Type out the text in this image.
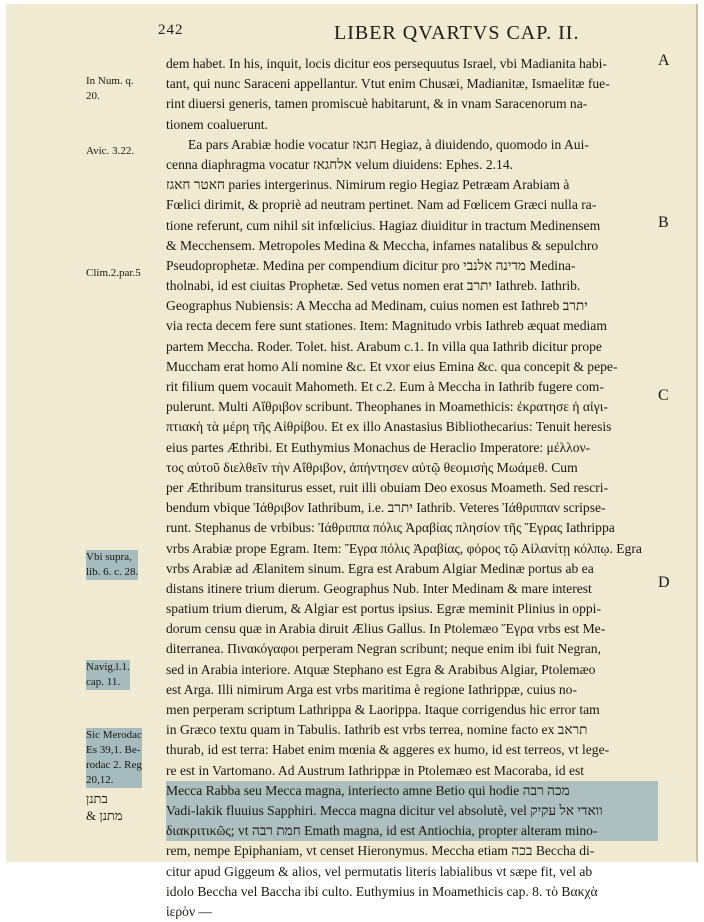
242	LIBER QVARTVS CAP. II.
A
B
C
D
In Num. q.
20.
Avic. 3.22.
Clim.2.par.5
Vbi supra,
lib. 6. c. 28.
Navig.l.1.
cap. 11.
Sic Merodac
Es 39,1. Be-
rodac 2. Reg
20,12.
בתנן
& מתנן
dem habet. In his, inquit, locis dicitur eos persequutus Israel, vbi Madianita habi-
tant, qui nunc Saraceni appellantur. Vtut enim Chusæi, Madianitæ, Ismaelitæ fue-
rint diuersi generis, tamen promiscuè habitarunt, & in vnam Saracenorum na-
tionem coaluerunt.
Ea pars Arabiæ hodie vocatur חגאז Hegiaz, à diuidendo, quomodo in Aui-
cenna diaphragma vocatur אלחגאז velum diuidens: Ephes. 2.14.
חאטר חאגז paries intergerinus. Nimirum regio Hegiaz Petræam Arabiam à
Fœlici dirimit, & propriè ad neutram pertinet. Nam ad Fœlicem Græci nulla ra-
tione referunt, cum nihil sit infœlicius. Hagiaz diuiditur in tractum Medinensem
& Mecchensem. Metropoles Medina & Meccha, infames natalibus & sepulchro
Pseudoprophetæ. Medina per compendium dicitur pro מדינה אלנבי Medina-
tholnabi, id est ciuitas Prophetæ. Sed vetus nomen erat יתרב Iathreb. Iathrib.
Geographus Nubiensis: A Meccha ad Medinam, cuius nomen est Iathreb יתרב
via recta decem fere sunt stationes. Item: Magnitudo vrbis Iathreb æquat mediam
partem Meccha. Roder. Tolet. hist. Arabum c.1. In villa qua Iathrib dicitur prope
Muccham erat homo Ali nomine &c. Et vxor eius Emina &c. qua concepit & pepe-
rit filium quem vocauit Mahometh. Et c.2. Eum à Meccha in Iathrib fugere com-
pulerunt. Multi Αἴθριβον scribunt. Theophanes in Moamethicis: ἐκρατησε ἡ αἰγι-
πτιακὴ τὰ μέρη τῆς Αἰθρίβου. Et ex illo Anastasius Bibliothecarius: Tenuit heresis
eius partes Æthribi. Et Euthymius Monachus de Heraclio Imperatore: μέλλον-
τος αὐτοῦ διελθεῖν τὴν Αἴθριβον, ἀπήντησεν αὐτῷ θεομισὴς Μωάμεθ. Cum
per Æthribum transiturus esset, ruit illi obuiam Deo exosus Moameth. Sed rescri-
bendum vbique Ἰάθριβον Iathribum, i.e. יתרב Iathrib. Veteres Ἰάθριππαν scripse-
runt. Stephanus de vrbibus: Ἰάθριππα πόλις Ἀραβίας πλησίον τῆς Ἔγρας Iathrippa
vrbs Arabiæ prope Egram. Item: Ἔγρα πόλις Ἀραβίας, φόρος τῷ Αἰλανίτῃ κόλπῳ. Egra
vrbs Arabiæ ad Ælanitem sinum. Egra est Arabum Algiar Medinæ portus ab ea
distans itinere trium dierum. Geographus Nub. Inter Medinam & mare interest
spatium trium dierum, & Algiar est portus ipsius. Egræ meminit Plinius in oppi-
dorum censu quæ in Arabia diruit Ælius Gallus. In Ptolemæo Ἔγρα vrbs est Me-
diterranea. Πινακόγαφοι perperam Negran scribunt; neque enim ibi fuit Negran,
sed in Arabia interiore. Atquæ Stephano est Egra & Arabibus Algiar, Ptolemæo
est Arga. Illi nimirum Arga est vrbs maritima è regione Iathrippæ, cuius no-
men perperam scriptum Lathrippa & Laorippa. Itaque corrigendus hic error tam
in Græco textu quam in Tabulis. Iathrib est vrbs terrea, nomine facto ex תראב
thurab, id est terra: Habet enim mœnia & aggeres ex humo, id est terreos, vt lege-
re est in Vartomano. Ad Austrum Iathrippæ in Ptolemæo est Macoraba, id est
Mecca Rabba seu Mecca magna, interiecto amne Betio qui hodie מכה רבה
Vadi-lakik fluuius Sapphiri. Mecca magna dicitur vel absolutè, vel וואדי אל עקיק
διακριτικῶς; vt חמת רבה Emath magna, id est Antiochia, propter alteram mino-
rem, nempe Epiphaniam, vt censet Hieronymus. Meccha etiam בכה Beccha di-
citur apud Giggeum & alios, vel permutatis literis labialibus vt sæpe fit, vel ab
idolo Beccha vel Baccha ibi culto. Euthymius in Moamethicis cap. 8. τὸ Βακχὰ
ἱερὸν —
